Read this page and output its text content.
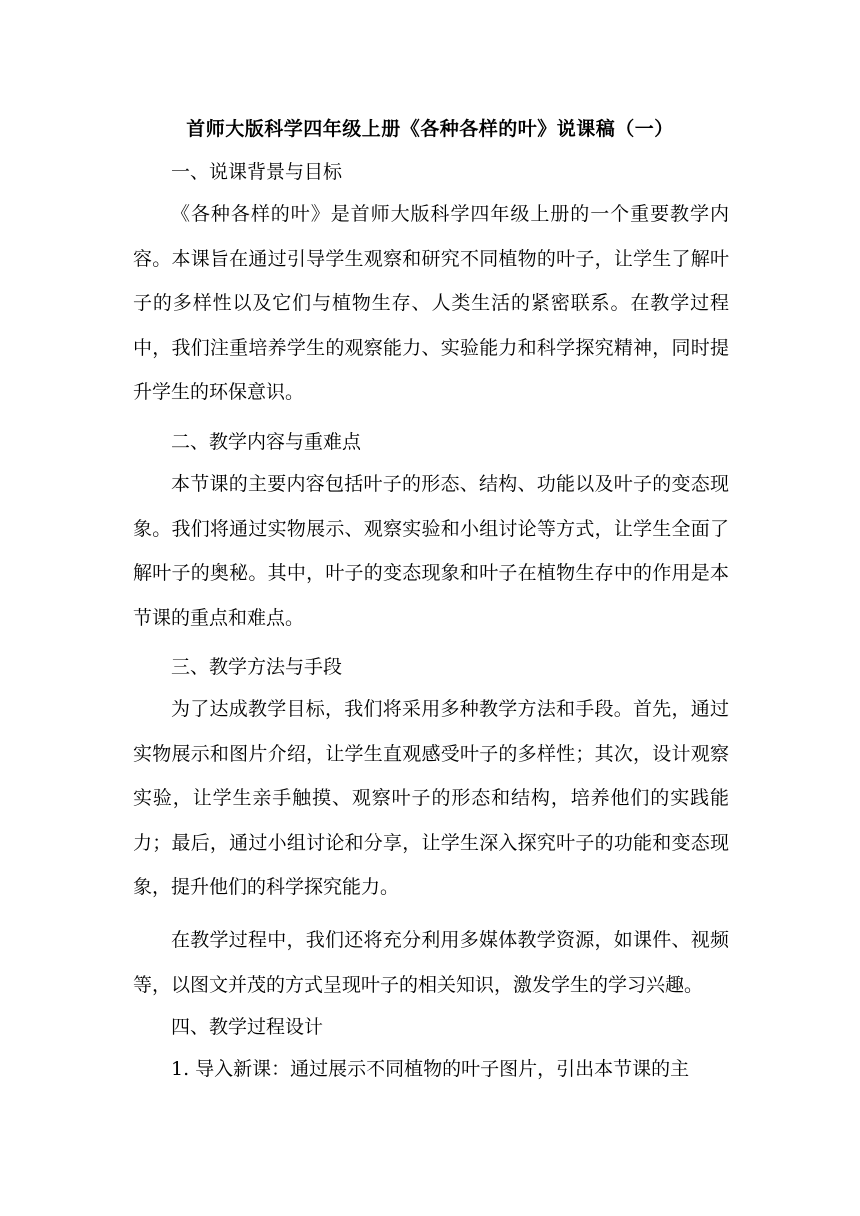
首师大版科学四年级上册《各种各样的叶》说课稿（一）
一、说课背景与目标
《各种各样的叶》是首师大版科学四年级上册的一个重要教学内容。本课旨在通过引导学生观察和研究不同植物的叶子，让学生了解叶子的多样性以及它们与植物生存、人类生活的紧密联系。在教学过程中，我们注重培养学生的观察能力、实验能力和科学探究精神，同时提升学生的环保意识。
二、教学内容与重难点
本节课的主要内容包括叶子的形态、结构、功能以及叶子的变态现象。我们将通过实物展示、观察实验和小组讨论等方式，让学生全面了解叶子的奥秘。其中，叶子的变态现象和叶子在植物生存中的作用是本节课的重点和难点。
三、教学方法与手段
为了达成教学目标，我们将采用多种教学方法和手段。首先，通过实物展示和图片介绍，让学生直观感受叶子的多样性；其次，设计观察实验，让学生亲手触摸、观察叶子的形态和结构，培养他们的实践能力；最后，通过小组讨论和分享，让学生深入探究叶子的功能和变态现象，提升他们的科学探究能力。
在教学过程中，我们还将充分利用多媒体教学资源，如课件、视频等，以图文并茂的方式呈现叶子的相关知识，激发学生的学习兴趣。
四、教学过程设计
1. 导入新课：通过展示不同植物的叶子图片，引出本节课的主
